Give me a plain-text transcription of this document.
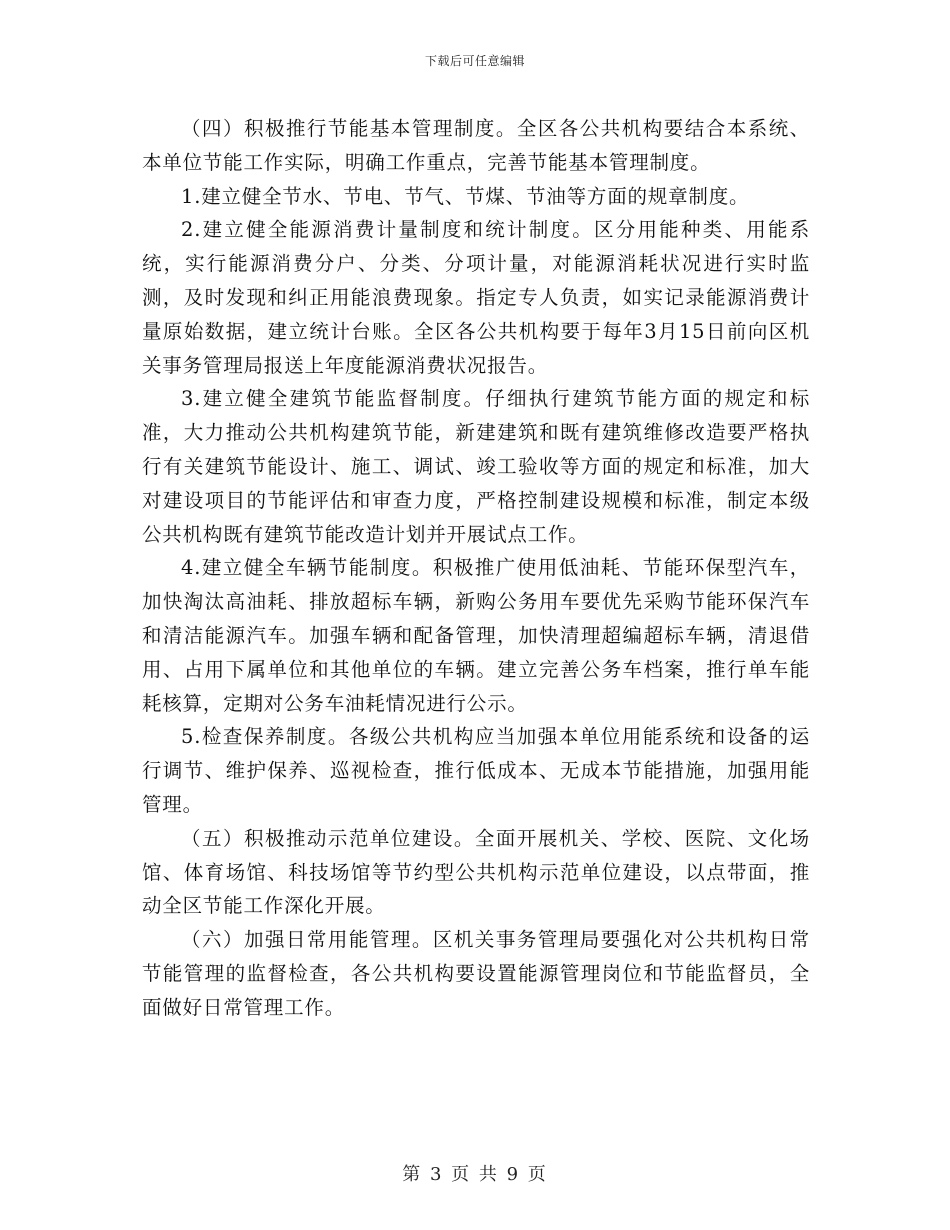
下载后可任意编辑

（四）积极推行节能基本管理制度。全区各公共机构要结合本系统、本单位节能工作实际，明确工作重点，完善节能基本管理制度。

1.建立健全节水、节电、节气、节煤、节油等方面的规章制度。

2.建立健全能源消费计量制度和统计制度。区分用能种类、用能系统，实行能源消费分户、分类、分项计量，对能源消耗状况进行实时监测，及时发现和纠正用能浪费现象。指定专人负责，如实记录能源消费计量原始数据，建立统计台账。全区各公共机构要于每年3月15日前向区机关事务管理局报送上年度能源消费状况报告。

3.建立健全建筑节能监督制度。仔细执行建筑节能方面的规定和标准，大力推动公共机构建筑节能，新建建筑和既有建筑维修改造要严格执行有关建筑节能设计、施工、调试、竣工验收等方面的规定和标准，加大对建设项目的节能评估和审查力度，严格控制建设规模和标准，制定本级公共机构既有建筑节能改造计划并开展试点工作。

4.建立健全车辆节能制度。积极推广使用低油耗、节能环保型汽车，加快淘汰高油耗、排放超标车辆，新购公务用车要优先采购节能环保汽车和清洁能源汽车。加强车辆和配备管理，加快清理超编超标车辆，清退借用、占用下属单位和其他单位的车辆。建立完善公务车档案，推行单车能耗核算，定期对公务车油耗情况进行公示。

5.检查保养制度。各级公共机构应当加强本单位用能系统和设备的运行调节、维护保养、巡视检查，推行低成本、无成本节能措施，加强用能管理。

（五）积极推动示范单位建设。全面开展机关、学校、医院、文化场馆、体育场馆、科技场馆等节约型公共机构示范单位建设，以点带面，推动全区节能工作深化开展。

（六）加强日常用能管理。区机关事务管理局要强化对公共机构日常节能管理的监督检查，各公共机构要设置能源管理岗位和节能监督员，全面做好日常管理工作。

第 3 页 共 9 页
